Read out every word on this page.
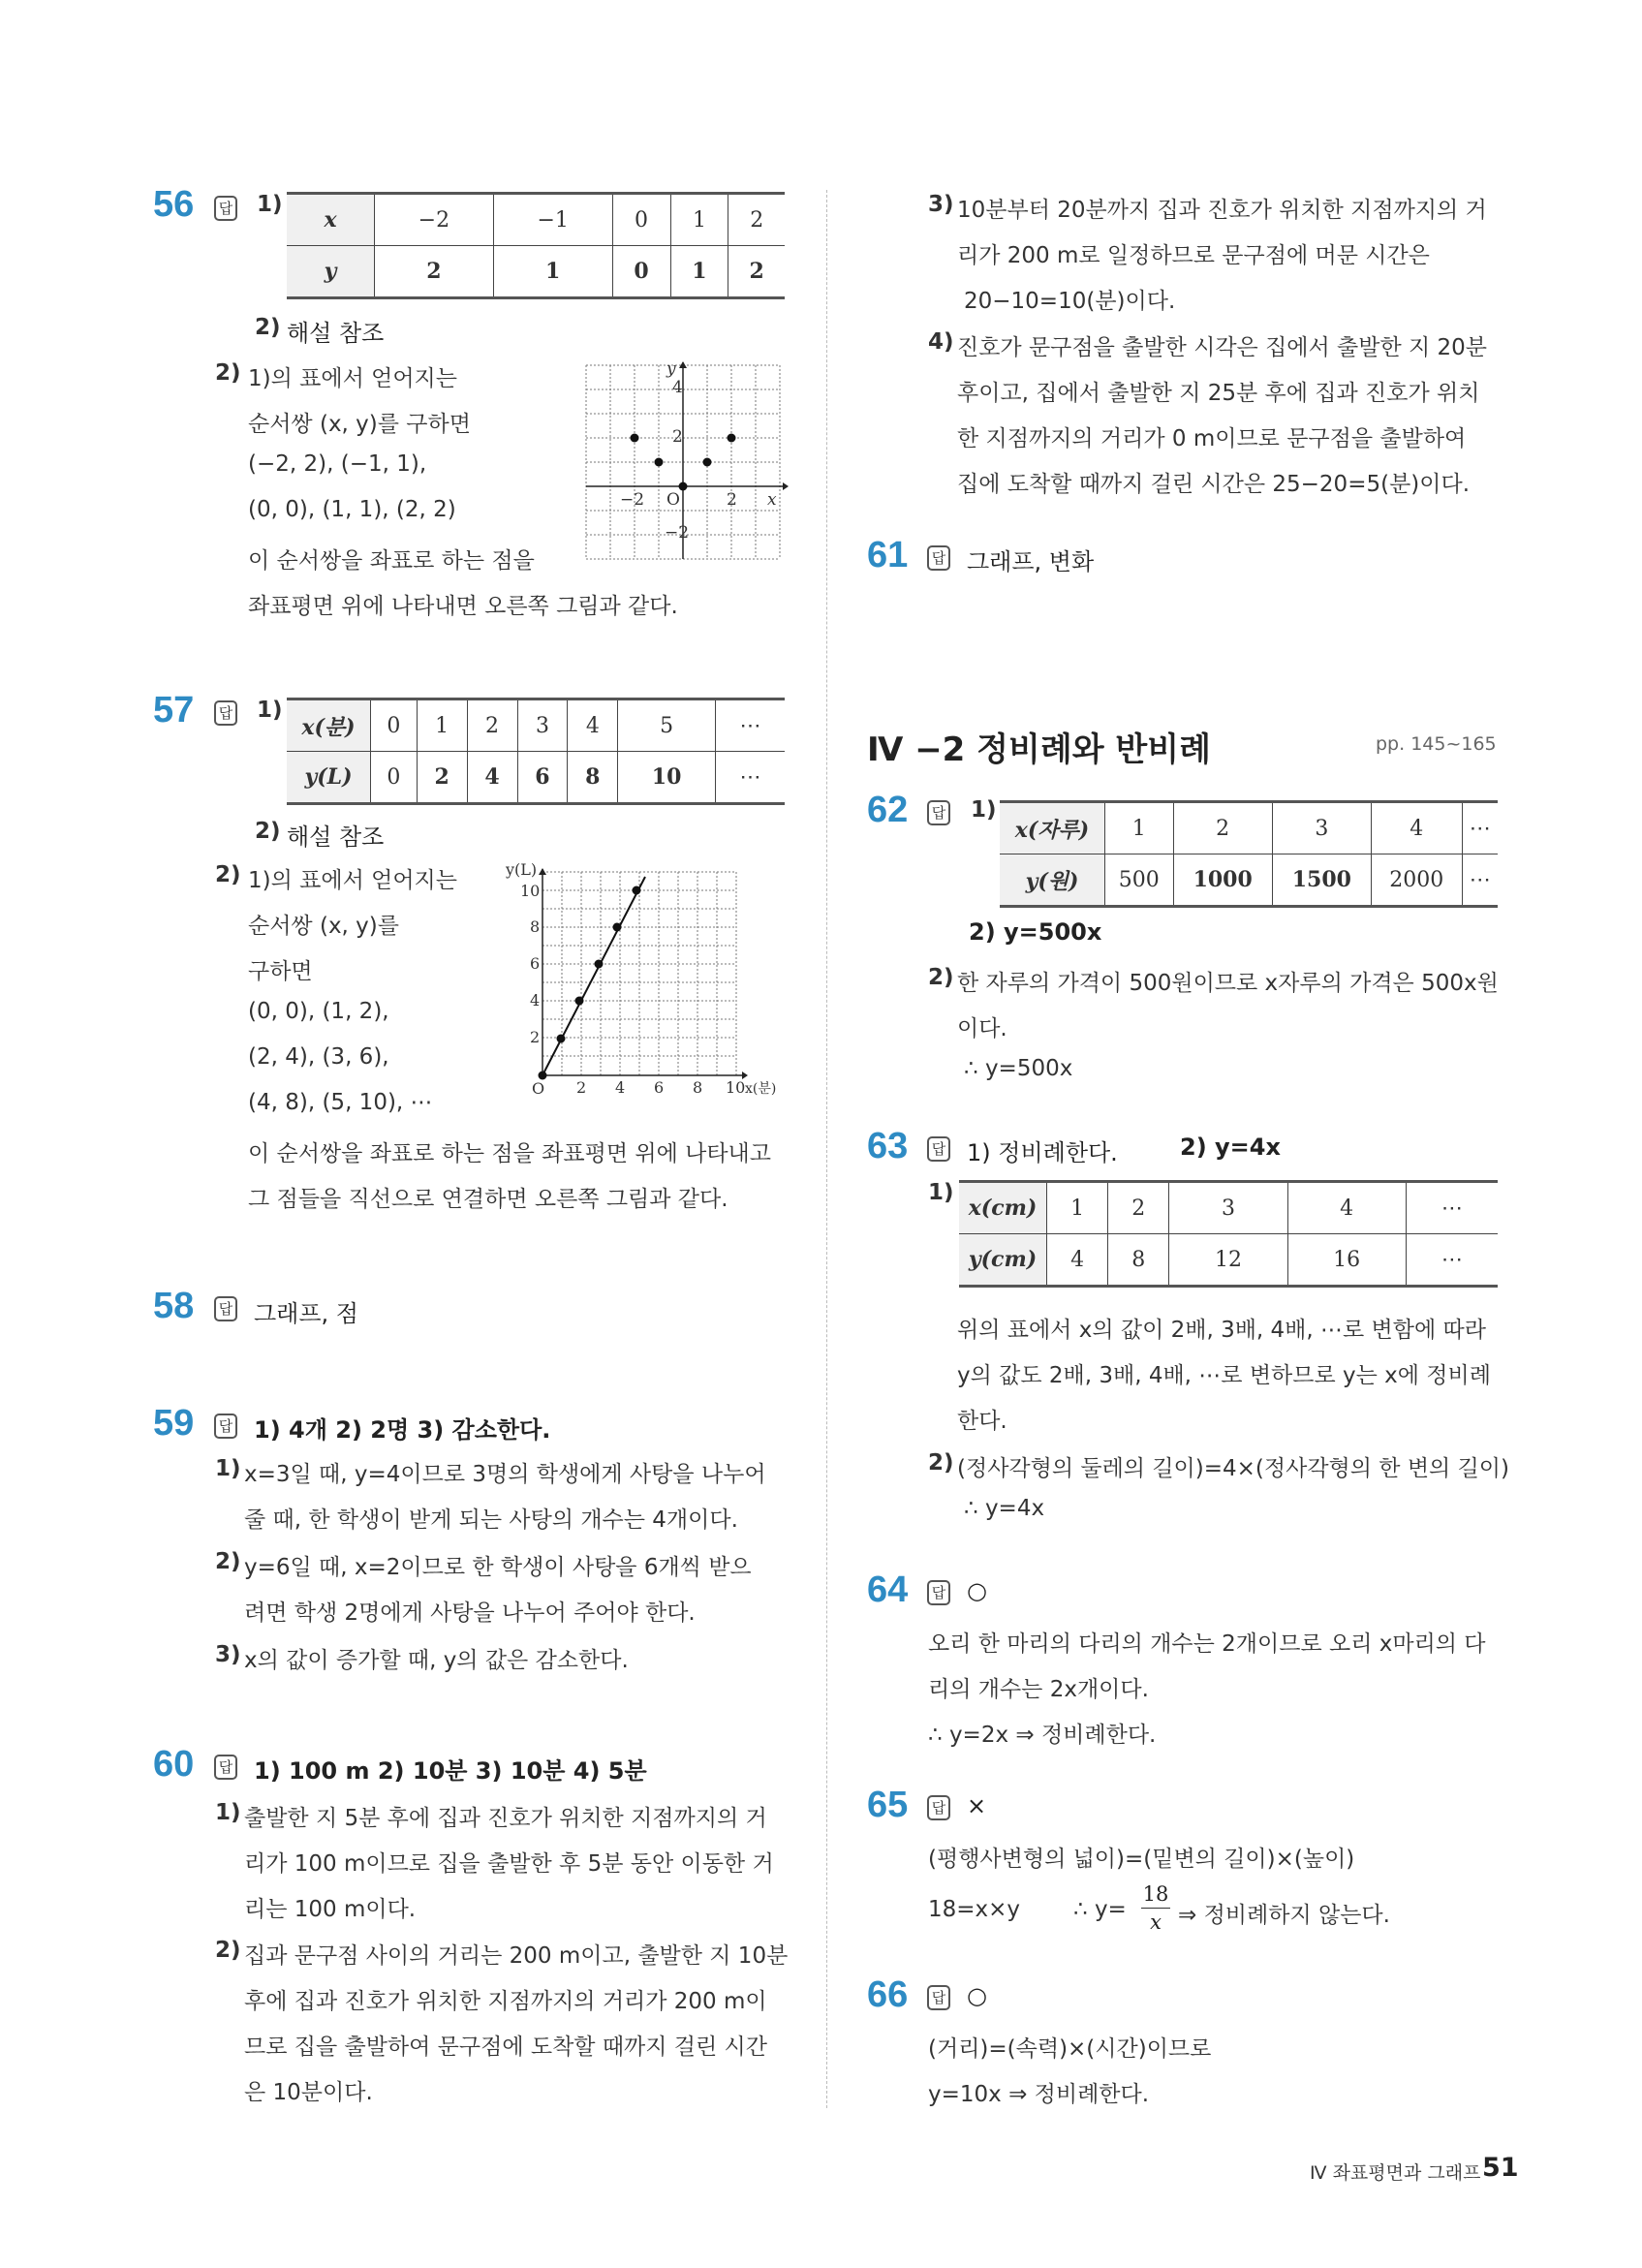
56	답 1)
x	−2	−1	0	1	2
y	2	1	0	1	2
2) 해설 참조
2) 1)의 표에서 얻어지는
순서쌍 (x, y)를 구하면
(−2, 2), (−1, 1),
(0, 0), (1, 1), (2, 2)
이 순서쌍을 좌표로 하는 점을
좌표평면 위에 나타내면 오른쪽 그림과 같다.
y
4
2
−2
−2 O	2 x
57	답 1)
x(분)	0	1	2	3	4	5	⋯
y(L)	0	2	4	6	8	10	⋯
2) 해설 참조
2) 1)의 표에서 얻어지는
순서쌍 (x, y)를
구하면
(0, 0), (1, 2),
(2, 4), (3, 6),
(4, 8), (5, 10), ⋯
이 순서쌍을 좌표로 하는 점을 좌표평면 위에 나타내고
그 점들을 직선으로 연결하면 오른쪽 그림과 같다.
y(L)
10
8
6
4
2
O 2 4 6 8 10 x(분)
58	답 그래프, 점
59	답 1) 4개 2) 2명 3) 감소한다.
1) x=3일 때, y=4이므로 3명의 학생에게 사탕을 나누어
줄 때, 한 학생이 받게 되는 사탕의 개수는 4개이다.
2) y=6일 때, x=2이므로 한 학생이 사탕을 6개씩 받으
려면 학생 2명에게 사탕을 나누어 주어야 한다.
3) x의 값이 증가할 때, y의 값은 감소한다.
60	답 1) 100 m 2) 10분 3) 10분 4) 5분
1) 출발한 지 5분 후에 집과 진호가 위치한 지점까지의 거
리가 100 m이므로 집을 출발한 후 5분 동안 이동한 거
리는 100 m이다.
2) 집과 문구점 사이의 거리는 200 m이고, 출발한 지 10분
후에 집과 진호가 위치한 지점까지의 거리가 200 m이
므로 집을 출발하여 문구점에 도착할 때까지 걸린 시간
은 10분이다.
3) 10분부터 20분까지 집과 진호가 위치한 지점까지의 거
리가 200 m로 일정하므로 문구점에 머문 시간은
20−10=10(분)이다.
4) 진호가 문구점을 출발한 시각은 집에서 출발한 지 20분
후이고, 집에서 출발한 지 25분 후에 집과 진호가 위치
한 지점까지의 거리가 0 m이므로 문구점을 출발하여
집에 도착할 때까지 걸린 시간은 25−20=5(분)이다.
61	답 그래프, 변화
Ⅳ −2 정비례와 반비례	pp. 145~165
62	답 1)
x(자루)	1	2	3	4	⋯
y(원)	500	1000	1500	2000	⋯
2) y=500x
2) 한 자루의 가격이 500원이므로 x자루의 가격은 500x원
이다.
∴ y=500x
63	답 1) 정비례한다.	2) y=4x
1)
x(cm)	1	2	3	4	⋯
y(cm)	4	8	12	16	⋯
위의 표에서 x의 값이 2배, 3배, 4배, ⋯로 변함에 따라
y의 값도 2배, 3배, 4배, ⋯로 변하므로 y는 x에 정비례
한다.
2) (정사각형의 둘레의 길이)=4×(정사각형의 한 변의 길이)
∴ y=4x
64	답 ○
오리 한 마리의 다리의 개수는 2개이므로 오리 x마리의 다
리의 개수는 2x개이다.
∴ y=2x ⇒ 정비례한다.
65	답 ×
(평행사변형의 넓이)=(밑변의 길이)×(높이)
18=x×y ∴ y=
18
x ⇒ 정비례하지 않는다.
66	답 ○
(거리)=(속력)×(시간)이므로
y=10x ⇒ 정비례한다.
Ⅳ 좌표평면과 그래프 51
